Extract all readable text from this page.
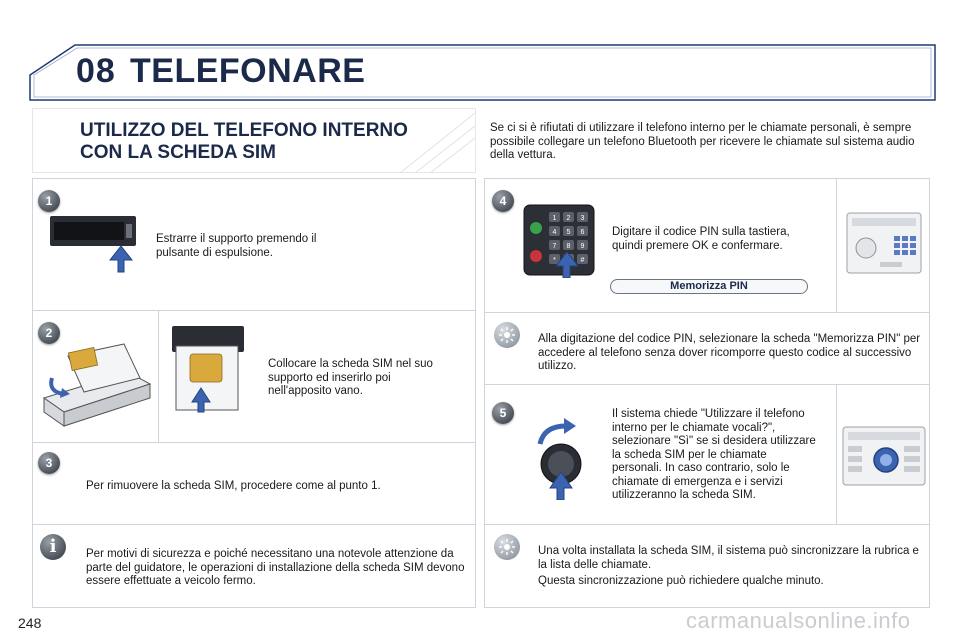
08 TELEFONARE
UTILIZZO DEL TELEFONO INTERNO
CON LA SCHEDA SIM
Se ci si è rifiutati di utilizzare il telefono interno per le chiamate personali, è sempre possibile collegare un telefono Bluetooth per ricevere le chiamate sul sistema audio della vettura.
1
Estrarre il supporto premendo il pulsante di espulsione.
2
Collocare la scheda SIM nel suo supporto ed inserirlo poi nell'apposito vano.
3
Per rimuovere la scheda SIM, procedere come al punto 1.
i	Per motivi di sicurezza e poiché necessitano una notevole attenzione da parte del guidatore, le operazioni di installazione della scheda SIM devono essere effettuate a veicolo fermo.
4
1 2 3
4 5 6
7 8 9
*	#
Digitare il codice PIN sulla tastiera, quindi premere OK e confermare.
Memorizza PIN
Alla digitazione del codice PIN, selezionare la scheda "Memorizza PIN" per accedere al telefono senza dover ricomporre questo codice al successivo utilizzo.
5	Il sistema chiede "Utilizzare il telefono interno per le chiamate vocali?", selezionare "Sì" se si desidera utilizzare la scheda SIM per le chiamate personali. In caso contrario, solo le chiamate di emergenza e i servizi utilizzeranno la scheda SIM.
Una volta installata la scheda SIM, il sistema può sincronizzare la rubrica e la lista delle chiamate.
Questa sincronizzazione può richiedere qualche minuto.
248	carmanualsonline.info
